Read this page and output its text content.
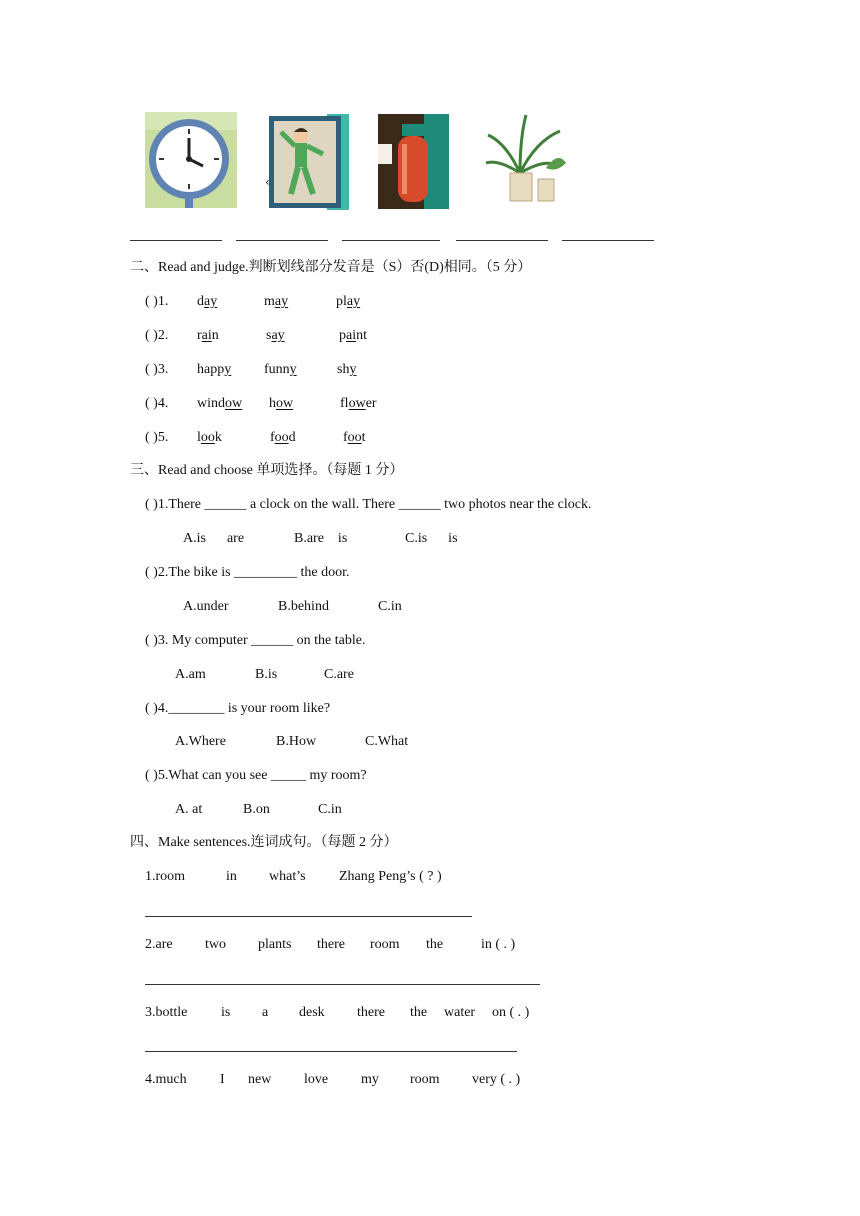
‹
二、Read and judge.判断划线部分发音是（S）否(D)相同。（5 分）
( )1. day	may	play
( )2. rain	say	paint
( )3. happy funny	shy
( )4. window how	flower
( )5. look	food	foot
三、Read and choose 单项选择。（每题 1 分）
( )1.There ______ a clock on the wall. There ______ two photos near the clock.
A.is      are	B.are    is	C.is      is
( )2.The bike is _________ the door.
A.under	B.behind	C.in
( )3. My computer ______ on the table.
A.am	B.is	C.are
( )4.________ is your room like?
A.Where	B.How	C.What
( )5.What can you see _____ my room?
A. at	B.on	C.in
四、Make sentences.连词成句。（每题 2 分）
1.room	in what’s Zhang Peng’s ( ? )
2.are two plants there room the	in ( . )
3.bottle is a desk there the water on ( . )
4.much I new love my room very ( . )
